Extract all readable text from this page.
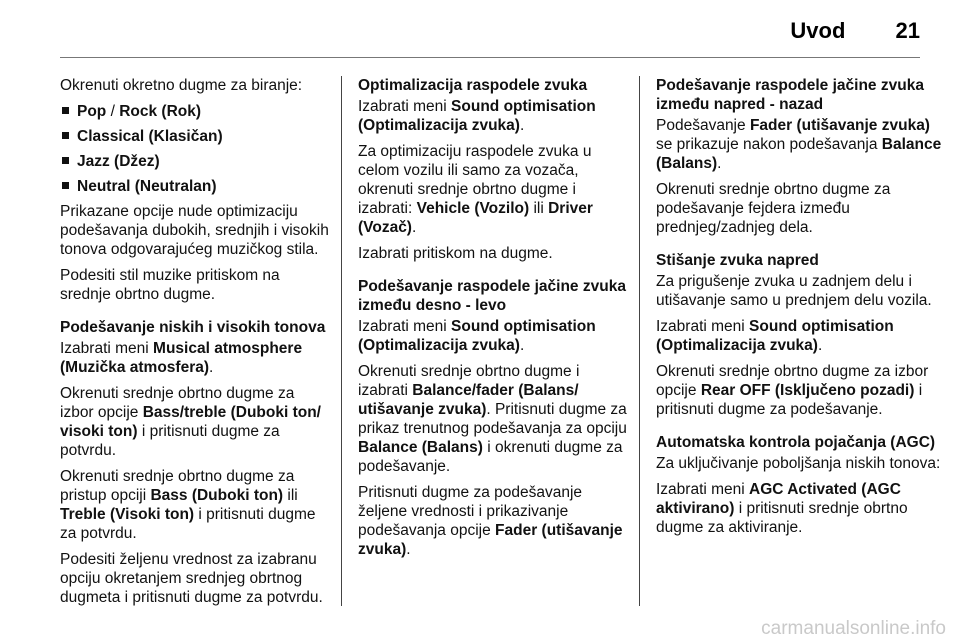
Uvod 21
Okrenuti okretno dugme za biranje:
Pop / Rock (Rok)
Classical (Klasičan)
Jazz (Džez)
Neutral (Neutralan)
Prikazane opcije nude optimizaciju podešavanja dubokih, srednjih i visokih tonova odgovarajućeg muzičkog stila.
Podesiti stil muzike pritiskom na srednje obrtno dugme.
Podešavanje niskih i visokih tonova
Izabrati meni Musical atmosphere (Muzička atmosfera).
Okrenuti srednje obrtno dugme za izbor opcije Bass/treble (Duboki ton/ visoki ton) i pritisnuti dugme za potvrdu.
Okrenuti srednje obrtno dugme za pristup opciji Bass (Duboki ton) ili Treble (Visoki ton) i pritisnuti dugme za potvrdu.
Podesiti željenu vrednost za izabranu opciju okretanjem srednjeg obrtnog dugmeta i pritisnuti dugme za potvrdu.
Optimalizacija raspodele zvuka
Izabrati meni Sound optimisation (Optimalizacija zvuka).
Za optimizaciju raspodele zvuka u celom vozilu ili samo za vozača, okrenuti srednje obrtno dugme i izabrati: Vehicle (Vozilo) ili Driver (Vozač).
Izabrati pritiskom na dugme.
Podešavanje raspodele jačine zvuka između desno - levo
Izabrati meni Sound optimisation (Optimalizacija zvuka).
Okrenuti srednje obrtno dugme i izabrati Balance/fader (Balans/ utišavanje zvuka). Pritisnuti dugme za prikaz trenutnog podešavanja za opciju Balance (Balans) i okrenuti dugme za podešavanje.
Pritisnuti dugme za podešavanje željene vrednosti i prikazivanje podešavanja opcije Fader (utišavanje zvuka).
Podešavanje raspodele jačine zvuka između napred - nazad
Podešavanje Fader (utišavanje zvuka) se prikazuje nakon podešavanja Balance (Balans).
Okrenuti srednje obrtno dugme za podešavanje fejdera između prednjeg/zadnjeg dela.
Stišanje zvuka napred
Za prigušenje zvuka u zadnjem delu i utišavanje samo u prednjem delu vozila.
Izabrati meni Sound optimisation (Optimalizacija zvuka).
Okrenuti srednje obrtno dugme za izbor opcije Rear OFF (Isključeno pozadi) i pritisnuti dugme za podešavanje.
Automatska kontrola pojačanja (AGC)
Za uključivanje poboljšanja niskih tonova:
Izabrati meni AGC Activated (AGC aktivirano) i pritisnuti srednje obrtno dugme za aktiviranje.
carmanualsonline.info
